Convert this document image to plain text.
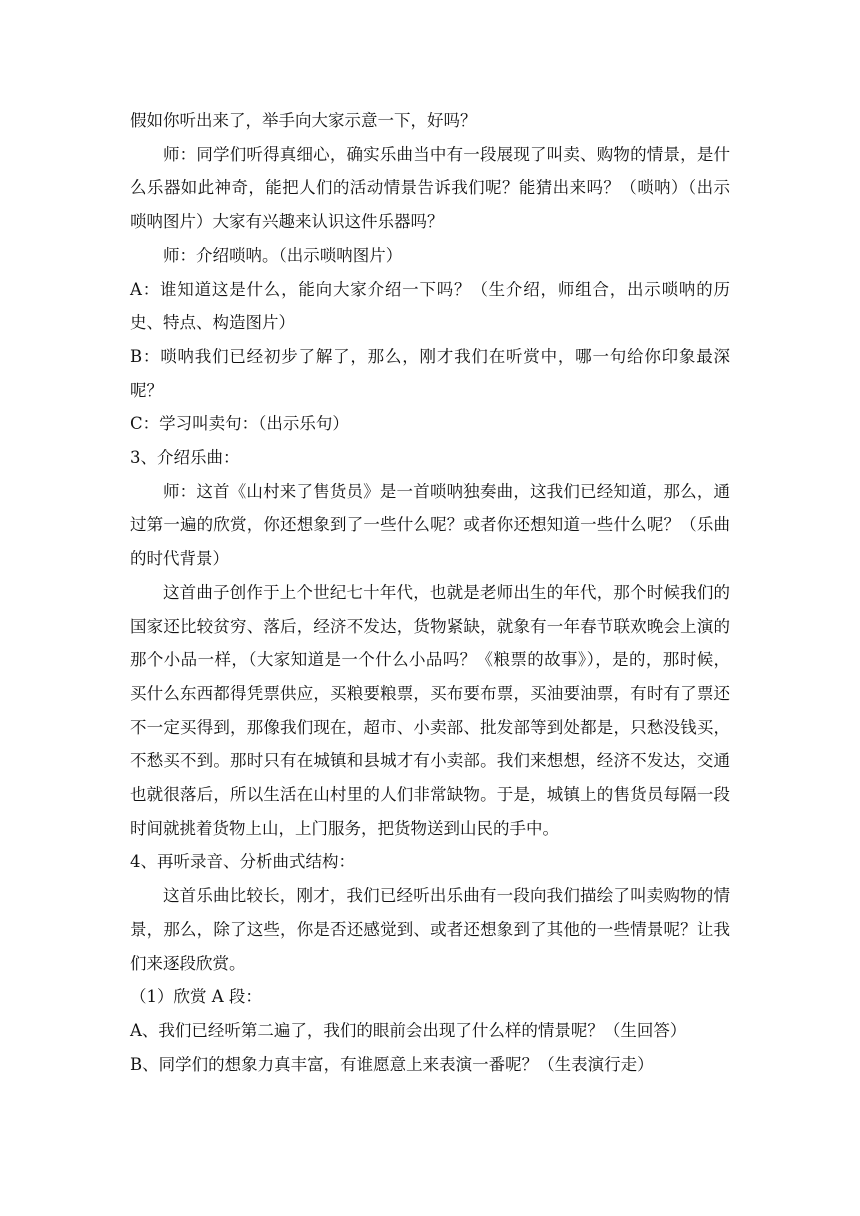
假如你听出来了，举手向大家示意一下，好吗？

师：同学们听得真细心，确实乐曲当中有一段展现了叫卖、购物的情景，是什么乐器如此神奇，能把人们的活动情景告诉我们呢？能猜出来吗？（唢呐）（出示唢呐图片）大家有兴趣来认识这件乐器吗？

师：介绍唢呐。（出示唢呐图片）

A：谁知道这是什么，能向大家介绍一下吗？（生介绍，师组合，出示唢呐的历史、特点、构造图片）

B：唢呐我们已经初步了解了，那么，刚才我们在听赏中，哪一句给你印象最深呢？

C：学习叫卖句：（出示乐句）

3、介绍乐曲：

师：这首《山村来了售货员》是一首唢呐独奏曲，这我们已经知道，那么，通过第一遍的欣赏，你还想象到了一些什么呢？或者你还想知道一些什么呢？（乐曲的时代背景）

这首曲子创作于上个世纪七十年代，也就是老师出生的年代，那个时候我们的国家还比较贫穷、落后，经济不发达，货物紧缺，就象有一年春节联欢晚会上演的那个小品一样，（大家知道是一个什么小品吗？《粮票的故事》），是的，那时候，买什么东西都得凭票供应，买粮要粮票，买布要布票，买油要油票，有时有了票还不一定买得到，那像我们现在，超市、小卖部、批发部等到处都是，只愁没钱买，不愁买不到。那时只有在城镇和县城才有小卖部。我们来想想，经济不发达，交通也就很落后，所以生活在山村里的人们非常缺物。于是，城镇上的售货员每隔一段时间就挑着货物上山，上门服务，把货物送到山民的手中。

4、再听录音、分析曲式结构：

这首乐曲比较长，刚才，我们已经听出乐曲有一段向我们描绘了叫卖购物的情景，那么，除了这些，你是否还感觉到、或者还想象到了其他的一些情景呢？让我们来逐段欣赏。

（1）欣赏 A 段：

A、我们已经听第二遍了，我们的眼前会出现了什么样的情景呢？（生回答）

B、同学们的想象力真丰富，有谁愿意上来表演一番呢？（生表演行走）
